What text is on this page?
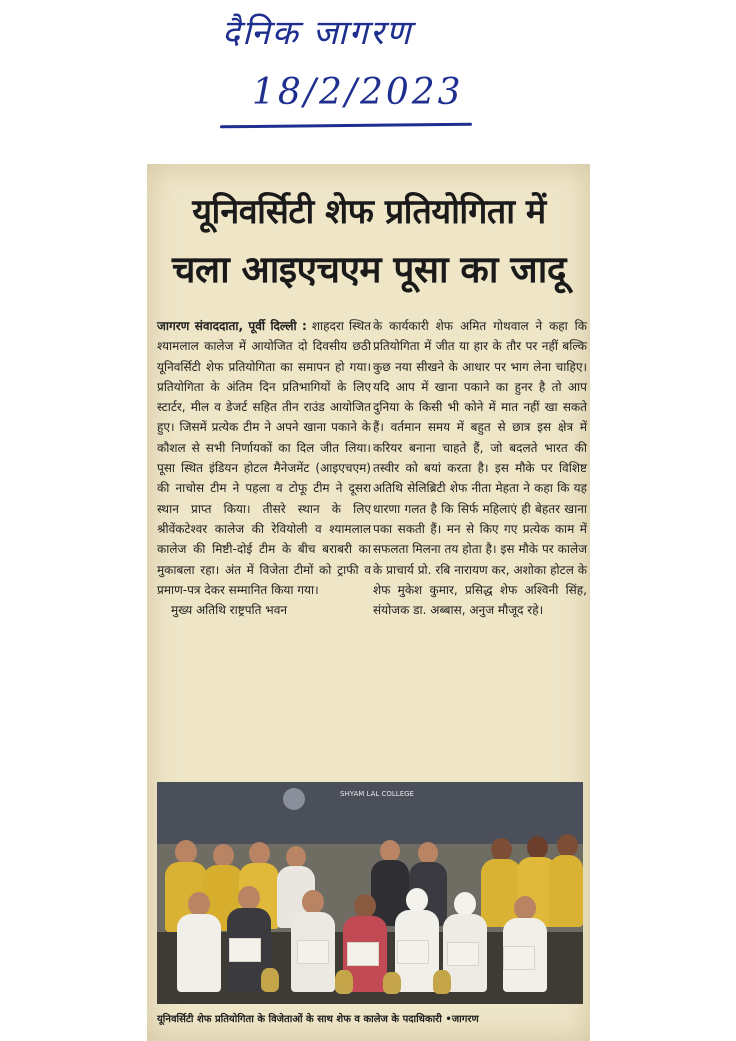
दैनिक जागरण
18/2/2023
यूनिवर्सिटी शेफ प्रतियोगिता में
चला आइएचएम पूसा का जादू
जागरण संवाददाता, पूर्वी दिल्ली : शाहदरा स्थित श्यामलाल कालेज में आयोजित दो दिवसीय छठी यूनिवर्सिटी शेफ प्रतियोगिता का समापन हो गया। प्रतियोगिता के अंतिम दिन प्रतिभागियों के लिए स्टार्टर, मील व डेजर्ट सहित तीन राउंड आयोजित हुए। जिसमें प्रत्येक टीम ने अपने खाना पकाने के कौशल से सभी निर्णायकों का दिल जीत लिया। पूसा स्थित इंडियन होटल मैनेजमेंट (आइएचएम) की नाचोस टीम ने पहला व टोफू टीम ने दूसरा स्थान प्राप्त किया। तीसरे स्थान के लिए श्रीवेंकटेश्वर कालेज की रेवियोली व श्यामलाल कालेज की मिष्टी-दोई टीम के बीच बराबरी का मुकाबला रहा। अंत में विजेता टीमों को ट्राफी व प्रमाण-पत्र देकर सम्मानित किया गया।
मुख्य अतिथि राष्ट्रपति भवन
के कार्यकारी शेफ अमित गोथवाल ने कहा कि प्रतियोगिता में जीत या हार के तौर पर नहीं बल्कि कुछ नया सीखने के आधार पर भाग लेना चाहिए। यदि आप में खाना पकाने का हुनर है तो आप दुनिया के किसी भी कोने में मात नहीं खा सकते हैं। वर्तमान समय में बहुत से छात्र इस क्षेत्र में करियर बनाना चाहते हैं, जो बदलते भारत की तस्वीर को बयां करता है। इस मौके पर विशिष्ट अतिथि सेलिब्रिटी शेफ नीता मेहता ने कहा कि यह धारणा गलत है कि सिर्फ महिलाएं ही बेहतर खाना पका सकती हैं। मन से किए गए प्रत्येक काम में सफलता मिलना तय होता है। इस मौके पर कालेज के प्राचार्य प्रो. रबि नारायण कर, अशोका होटल के शेफ मुकेश कुमार, प्रसिद्ध शेफ अश्विनी सिंह, संयोजक डा. अब्बास, अनुज मौजूद रहे।
SHYAM LAL COLLEGE
यूनिवर्सिटी शेफ प्रतियोगिता के विजेताओं के साथ शेफ व कालेज के पदाधिकारी •जागरण
